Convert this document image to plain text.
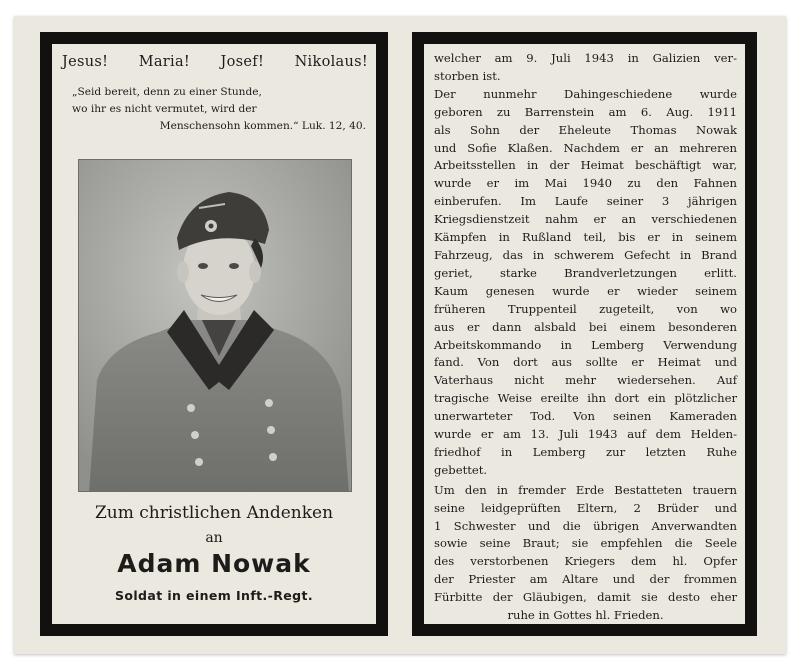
Jesus! Maria! Josef! Nikolaus!
„Seid bereit, denn zu einer Stunde,
wo ihr es nicht vermutet, wird der
Menschensohn kommen.“ Luk. 12, 40.
Zum christlichen Andenken
an
Adam Nowak
Soldat in einem Inft.-Regt.
welcher am 9. Juli 1943 in Galizien ver-
storben ist.
Der nunmehr Dahingeschiedene wurde
geboren zu Barrenstein am 6. Aug. 1911
als Sohn der Eheleute Thomas Nowak
und Sofie Klaßen. Nachdem er an mehreren
Arbeitsstellen in der Heimat beschäftigt war,
wurde er im Mai 1940 zu den Fahnen
einberufen. Im Laufe seiner 3 jährigen
Kriegsdienstzeit nahm er an verschiedenen
Kämpfen in Rußland teil, bis er in seinem
Fahrzeug, das in schwerem Gefecht in Brand
geriet, starke Brandverletzungen erlitt.
Kaum genesen wurde er wieder seinem
früheren Truppenteil zugeteilt, von wo
aus er dann alsbald bei einem besonderen
Arbeitskommando in Lemberg Verwendung
fand. Von dort aus sollte er Heimat und
Vaterhaus nicht mehr wiedersehen. Auf
tragische Weise ereilte ihn dort ein plötzlicher
unerwarteter Tod. Von seinen Kameraden
wurde er am 13. Juli 1943 auf dem Helden-
friedhof in Lemberg zur letzten Ruhe
gebettet.
Um den in fremder Erde Bestatteten trauern
seine leidgeprüften Eltern, 2 Brüder und
1 Schwester und die übrigen Anverwandten
sowie seine Braut; sie empfehlen die Seele
des verstorbenen Kriegers dem hl. Opfer
der Priester am Altare und der frommen
Fürbitte der Gläubigen, damit sie desto eher
ruhe in Gottes hl. Frieden.
